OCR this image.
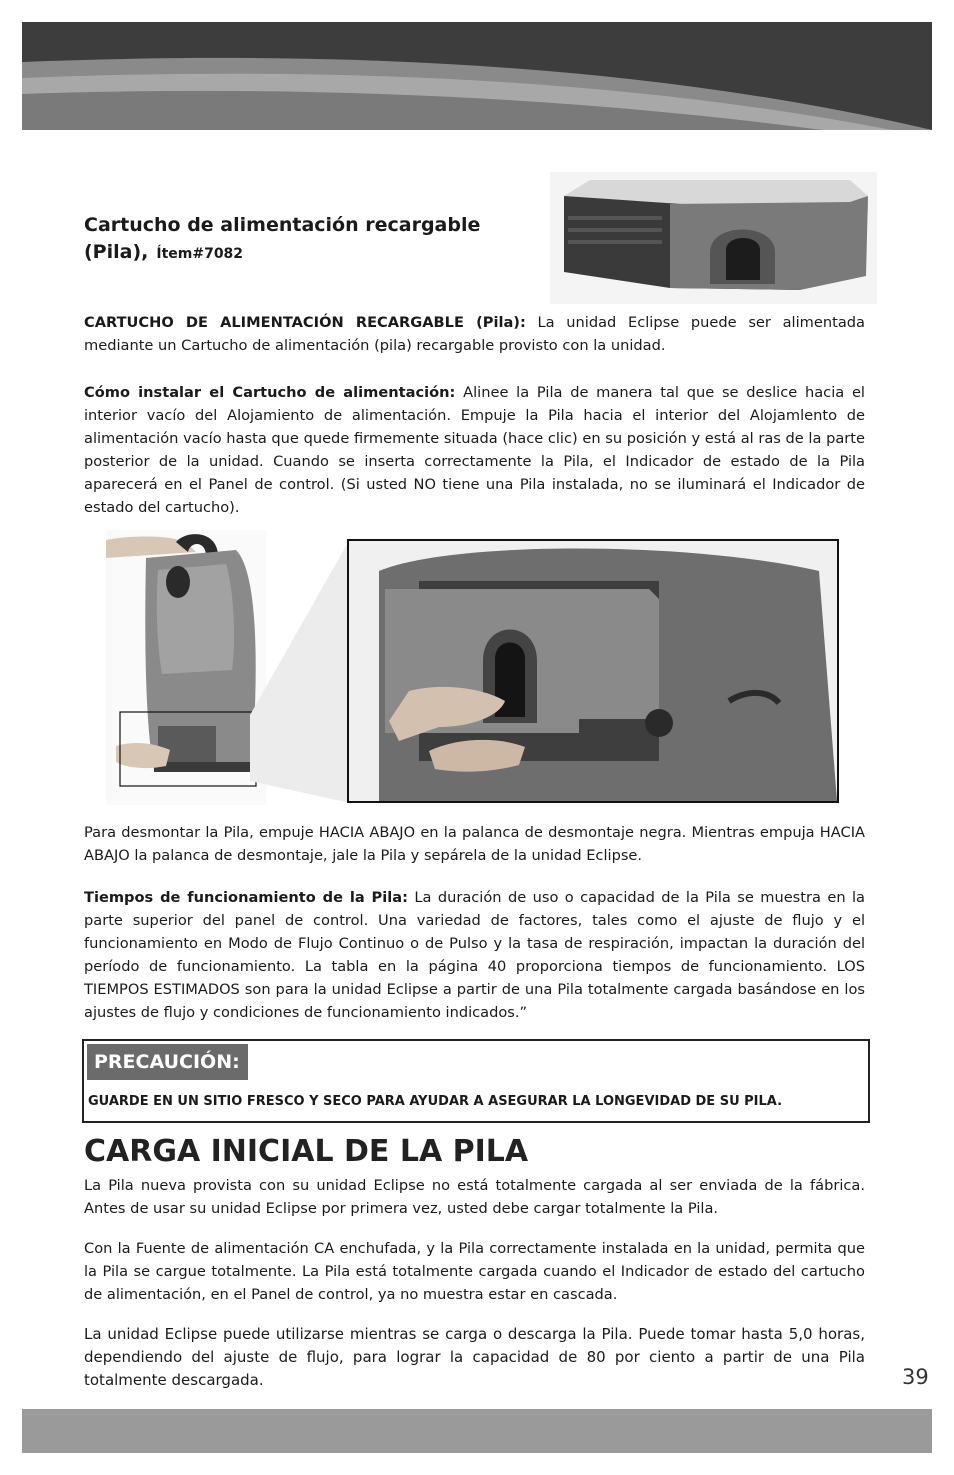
Cartucho de alimentación recargable
(Pila), Ítem#7082

CARTUCHO DE ALIMENTACIÓN RECARGABLE (Pila): La unidad Eclipse puede ser alimentada mediante un Cartucho de alimentación (pila) recargable provisto con la unidad.

Cómo instalar el Cartucho de alimentación: Alinee la Pila de manera tal que se deslice hacia el interior vacío del Alojamiento de alimentación. Empuje la Pila hacia el interior del Alojamlento de alimentación vacío hasta que quede firmemente situada (hace clic) en su posición y está al ras de la parte posterior de la unidad. Cuando se inserta correctamente la Pila, el Indicador de estado de la Pila aparecerá en el Panel de control. (Si usted NO tiene una Pila instalada, no se iluminará el Indicador de estado del cartucho).

Para desmontar la Pila, empuje HACIA ABAJO en la palanca de desmontaje negra. Mientras empuja HACIA ABAJO la palanca de desmontaje, jale la Pila y sepárela de la unidad Eclipse.

Tiempos de funcionamiento de la Pila: La duración de uso o capacidad de la Pila se muestra en la parte superior del panel de control. Una variedad de factores, tales como el ajuste de flujo y el funcionamiento en Modo de Flujo Continuo o de Pulso y la tasa de respiración, impactan la duración del período de funcionamiento. La tabla en la página 40 proporciona tiempos de funcionamiento. LOS TIEMPOS ESTIMADOS son para la unidad Eclipse a partir de una Pila totalmente cargada basándose en los ajustes de flujo y condiciones de funcionamiento indicados.”

PRECAUCIÓN:
GUARDE EN UN SITIO FRESCO Y SECO PARA AYUDAR A ASEGURAR LA LONGEVIDAD DE SU PILA.
CARGA INICIAL DE LA PILA

La Pila nueva provista con su unidad Eclipse no está totalmente cargada al ser enviada de la fábrica. Antes de usar su unidad Eclipse por primera vez, usted debe cargar totalmente la Pila.

Con la Fuente de alimentación CA enchufada, y la Pila correctamente instalada en la unidad, permita que la Pila se cargue totalmente. La Pila está totalmente cargada cuando el Indicador de estado del cartucho de alimentación, en el Panel de control, ya no muestra estar en cascada.

La unidad Eclipse puede utilizarse mientras se carga o descarga la Pila. Puede tomar hasta 5,0 horas, dependiendo del ajuste de flujo, para lograr la capacidad de 80 por ciento a partir de una Pila totalmente descargada.	39
